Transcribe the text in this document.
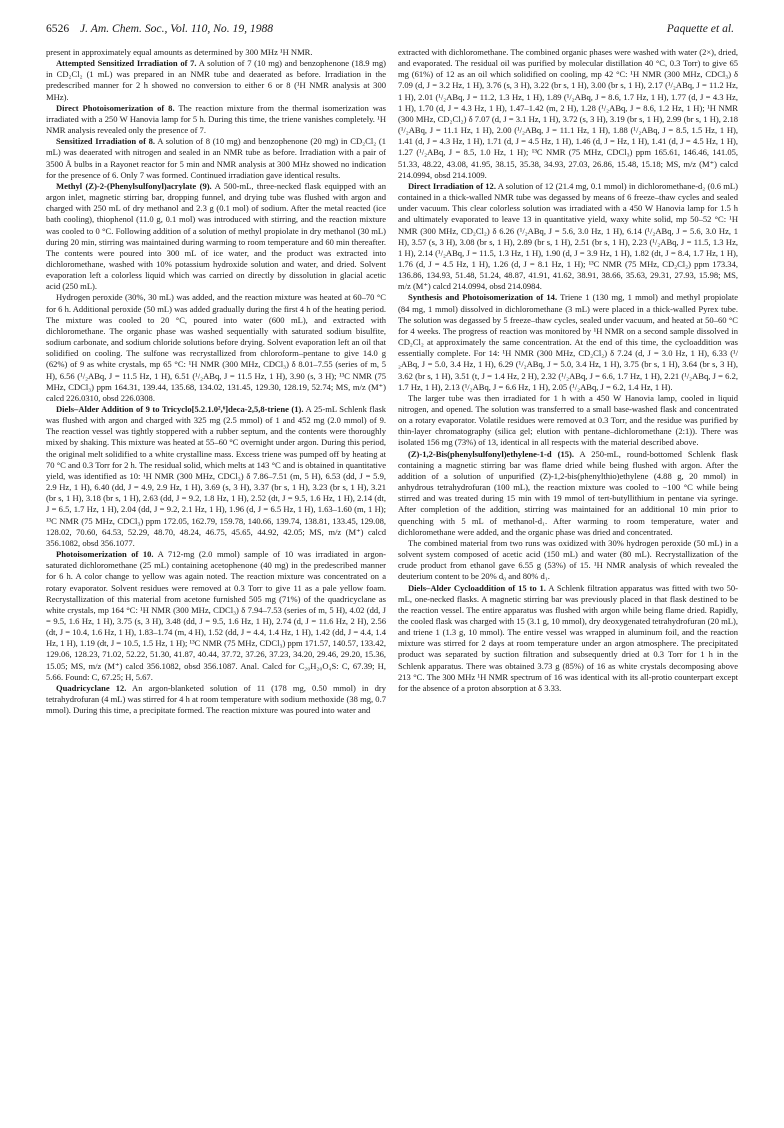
6526 J. Am. Chem. Soc., Vol. 110, No. 19, 1988	Paquette et al.

present in approximately equal amounts as determined by 300 MHz ¹H NMR.

Attempted Sensitized Irradiation of 7. A solution of 7 (10 mg) and benzophenone (18.9 mg) in CD₂Cl₂ (1 mL) was prepared in an NMR tube and deaerated as before. Irradiation in the predescribed manner for 2 h showed no conversion to either 6 or 8 (¹H NMR analysis at 300 MHz).

Direct Photoisomerization of 8. The reaction mixture from the thermal isomerization was irradiated with a 250 W Hanovia lamp for 5 h. During this time, the triene vanishes completely. ¹H NMR analysis revealed only the presence of 7.

Sensitized Irradiation of 8. A solution of 8 (10 mg) and benzophenone (20 mg) in CD₂Cl₂ (1 mL) was deaerated with nitrogen and sealed in an NMR tube as before. Irradiation with a pair of 3500 Å bulbs in a Rayonet reactor for 5 min and NMR analysis at 300 MHz showed no indication for the presence of 6. Only 7 was formed. Continued irradiation gave identical results.

Methyl (Z)-2-(Phenylsulfonyl)acrylate (9). A 500-mL, three-necked flask equipped with an argon inlet, magnetic stirring bar, dropping funnel, and drying tube was flushed with argon and charged with 250 mL of dry methanol and 2.3 g (0.1 mol) of sodium. After the metal reacted (ice bath cooling), thiophenol (11.0 g, 0.1 mol) was introduced with stirring, and the reaction mixture was cooled to 0 °C. Following addition of a solution of methyl propiolate in dry methanol (30 mL) during 20 min, stirring was maintained during warming to room temperature and 60 min thereafter. The contents were poured into 300 mL of ice water, and the product was extracted into dichloromethane, washed with 10% potassium hydroxide solution and water, and dried. Solvent evaporation left a colorless liquid which was carried on directly by dissolution in glacial acetic acid (250 mL).

Hydrogen peroxide (30%, 30 mL) was added, and the reaction mixture was heated at 60–70 °C for 6 h. Additional peroxide (50 mL) was added gradually during the first 4 h of the heating period. The mixture was cooled to 20 °C, poured into water (600 mL), and extracted with dichloromethane. The organic phase was washed sequentially with saturated sodium bisulfite, sodium carbonate, and sodium chloride solutions before drying. Solvent evaporation left an oil that solidified on cooling. The sulfone was recrystallized from chloroform–pentane to give 14.0 g (62%) of 9 as white crystals, mp 65 °C: ¹H NMR (300 MHz, CDCl₃) δ 8.01–7.55 (series of m, 5 H), 6.56 (¹/₂ABq, J = 11.5 Hz, 1 H), 6.51 (¹/₂ABq, J = 11.5 Hz, 1 H), 3.90 (s, 3 H); ¹³C NMR (75 MHz, CDCl₃) ppm 164.31, 139.44, 135.68, 134.02, 131.45, 129.30, 128.19, 52.74; MS, m/z (M⁺) calcd 226.0310, obsd 226.0308.

Diels–Alder Addition of 9 to Tricyclo[5.2.1.0²,⁶]deca-2,5,8-triene (1). A 25-mL Schlenk flask was flushed with argon and charged with 325 mg (2.5 mmol) of 1 and 452 mg (2.0 mmol) of 9. The reaction vessel was tightly stoppered with a rubber septum, and the contents were thoroughly mixed by shaking. This mixture was heated at 55–60 °C overnight under argon. During this period, the original melt solidified to a white crystalline mass. Excess triene was pumped off by heating at 70 °C and 0.3 Torr for 2 h. The residual solid, which melts at 143 °C and is obtained in quantitative yield, was identified as 10: ¹H NMR (300 MHz, CDCl₃) δ 7.86–7.51 (m, 5 H), 6.53 (dd, J = 5.9, 2.9 Hz, 1 H), 6.40 (dd, J = 4.9, 2.9 Hz, 1 H), 3.69 (s, 3 H), 3.37 (br s, 1 H), 3.23 (br s, 1 H), 3.21 (br s, 1 H), 3.18 (br s, 1 H), 2.63 (dd, J = 9.2, 1.8 Hz, 1 H), 2.52 (dt, J = 9.5, 1.6 Hz, 1 H), 2.14 (dt, J = 6.5, 1.7 Hz, 1 H), 2.04 (dd, J = 9.2, 2.1 Hz, 1 H), 1.96 (d, J = 6.5 Hz, 1 H), 1.63–1.60 (m, 1 H); ¹³C NMR (75 MHz, CDCl₃) ppm 172.05, 162.79, 159.78, 140.66, 139.74, 138.81, 133.45, 129.08, 128.02, 70.60, 64.53, 52.29, 48.70, 48.24, 46.75, 45.65, 44.92, 42.05; MS, m/z (M⁺) calcd 356.1082, obsd 356.1077.

Photoisomerization of 10. A 712-mg (2.0 mmol) sample of 10 was irradiated in argon-saturated dichloromethane (25 mL) containing acetophenone (40 mg) in the predescribed manner for 6 h. A color change to yellow was again noted. The reaction mixture was concentrated on a rotary evaporator. Solvent residues were removed at 0.3 Torr to give 11 as a pale yellow foam. Recrystallization of this material from acetone furnished 505 mg (71%) of the quadricyclane as white crystals, mp 164 °C: ¹H NMR (300 MHz, CDCl₃) δ 7.94–7.53 (series of m, 5 H), 4.02 (dd, J = 9.5, 1.6 Hz, 1 H), 3.75 (s, 3 H), 3.48 (dd, J = 9.5, 1.6 Hz, 1 H), 2.74 (d, J = 11.6 Hz, 2 H), 2.56 (dt, J = 10.4, 1.6 Hz, 1 H), 1.83–1.74 (m, 4 H), 1.52 (dd, J = 4.4, 1.4 Hz, 1 H), 1.42 (dd, J = 4.4, 1.4 Hz, 1 H), 1.19 (dt, J = 10.5, 1.5 Hz, 1 H); ¹³C NMR (75 MHz, CDCl₃) ppm 171.57, 140.57, 133.42, 129.06, 128.23, 71.02, 52.22, 51.30, 41.87, 40.44, 37.72, 37.26, 37.23, 34.20, 29.46, 29.20, 15.36, 15.05; MS, m/z (M⁺) calcd 356.1082, obsd 356.1087. Anal. Calcd for C₂₀H₂₀O₄S: C, 67.39; H, 5.66. Found: C, 67.25; H, 5.67.

Quadricyclane 12. An argon-blanketed solution of 11 (178 mg, 0.50 mmol) in dry tetrahydrofuran (4 mL) was stirred for 4 h at room temperature with sodium methoxide (38 mg, 0.7 mmol). During this time, a precipitate formed. The reaction mixture was poured into water and

extracted with dichloromethane. The combined organic phases were washed with water (2×), dried, and evaporated. The residual oil was purified by molecular distillation 40 °C, 0.3 Torr) to give 65 mg (61%) of 12 as an oil which solidified on cooling, mp 42 °C: ¹H NMR (300 MHz, CDCl₃) δ 7.09 (d, J = 3.2 Hz, 1 H), 3.76 (s, 3 H), 3.22 (br s, 1 H), 3.00 (br s, 1 H), 2.17 (¹/₂ABq, J = 11.2 Hz, 1 H), 2.01 (¹/₂ABq, J = 11.2, 1.3 Hz, 1 H), 1.89 (¹/₂ABq, J = 8.6, 1.7 Hz, 1 H), 1.77 (d, J = 4.3 Hz, 1 H), 1.70 (d, J = 4.3 Hz, 1 H), 1.47–1.42 (m, 2 H), 1.28 (¹/₂ABq, J = 8.6, 1.2 Hz, 1 H); ¹H NMR (300 MHz, CD₂Cl₂) δ 7.07 (d, J = 3.1 Hz, 1 H), 3.72 (s, 3 H), 3.19 (br s, 1 H), 2.99 (br s, 1 H), 2.18 (¹/₂ABq, J = 11.1 Hz, 1 H), 2.00 (¹/₂ABq, J = 11.1 Hz, 1 H), 1.88 (¹/₂ABq, J = 8.5, 1.5 Hz, 1 H), 1.41 (d, J = 4.3 Hz, 1 H), 1.71 (d, J = 4.5 Hz, 1 H), 1.46 (d, J = Hz, 1 H), 1.41 (d, J = 4.5 Hz, 1 H), 1.27 (¹/₂ABq, J = 8.5, 1.0 Hz, 1 H); ¹³C NMR (75 MHz, CDCl₃) ppm 165.61, 146.46, 141.05, 51.33, 48.22, 43.08, 41.95, 38.15, 35.38, 34.93, 27.03, 26.86, 15.48, 15.18; MS, m/z (M⁺) calcd 214.0994, obsd 214.1009.

Direct Irradiation of 12. A solution of 12 (21.4 mg, 0.1 mmol) in dichloromethane-d₂ (0.6 mL) contained in a thick-walled NMR tube was degassed by means of 6 freeze–thaw cycles and sealed under vacuum. This clear colorless solution was irradiated with a 450 W Hanovia lamp for 1.5 h and ultimately evaporated to leave 13 in quantitative yield, waxy white solid, mp 50–52 °C: ¹H NMR (300 MHz, CD₂Cl₂) δ 6.26 (¹/₂ABq, J = 5.6, 3.0 Hz, 1 H), 6.14 (¹/₂ABq, J = 5.6, 3.0 Hz, 1 H), 3.57 (s, 3 H), 3.08 (br s, 1 H), 2.89 (br s, 1 H), 2.51 (br s, 1 H), 2.23 (¹/₂ABq, J = 11.5, 1.3 Hz, 1 H), 2.14 (¹/₂ABq, J = 11.5, 1.3 Hz, 1 H), 1.90 (d, J = 3.9 Hz, 1 H), 1.82 (dt, J = 8.4, 1.7 Hz, 1 H), 1.76 (d, J = 4.5 Hz, 1 H), 1.26 (d, J = 8.1 Hz, 1 H); ¹³C NMR (75 MHz, CD₂Cl₂) ppm 173.34, 136.86, 134.93, 51.48, 51.24, 48.87, 41.91, 41.62, 38.91, 38.66, 35.63, 29.31, 27.93, 15.98; MS, m/z (M⁺) calcd 214.0994, obsd 214.0984.

Synthesis and Photoisomerization of 14. Triene 1 (130 mg, 1 mmol) and methyl propiolate (84 mg, 1 mmol) dissolved in dichloromethane (3 mL) were placed in a thick-walled Pyrex tube. The solution was degassed by 5 freeze–thaw cycles, sealed under vacuum, and heated at 50–60 °C for 4 weeks. The progress of reaction was monitored by ¹H NMR on a second sample dissolved in CD₂Cl₂ at approximately the same concentration. At the end of this time, the cycloaddition was essentially complete. For 14: ¹H NMR (300 MHz, CD₂Cl₂) δ 7.24 (d, J = 3.0 Hz, 1 H), 6.33 (¹/₂ABq, J = 5.0, 3.4 Hz, 1 H), 6.29 (¹/₂ABq, J = 5.0, 3.4 Hz, 1 H), 3.75 (br s, 1 H), 3.64 (br s, 3 H), 3.62 (br s, 1 H), 3.51 (t, J = 1.4 Hz, 2 H), 2.32 (¹/₂ABq, J = 6.6, 1.7 Hz, 1 H), 2.21 (¹/₂ABq, J = 6.2, 1.7 Hz, 1 H), 2.13 (¹/₂ABq, J = 6.6 Hz, 1 H), 2.05 (¹/₂ABq, J = 6.2, 1.4 Hz, 1 H).

The larger tube was then irradiated for 1 h with a 450 W Hanovia lamp, cooled in liquid nitrogen, and opened. The solution was transferred to a small base-washed flask and concentrated on a rotary evaporator. Volatile residues were removed at 0.3 Torr, and the residue was purified by thin-layer chromatography (silica gel; elution with pentane–dichloromethane (2:1)). There was isolated 156 mg (73%) of 13, identical in all respects with the material described above.

(Z)-1,2-Bis(phenylsulfonyl)ethylene-1-d (15). A 250-mL, round-bottomed Schlenk flask containing a magnetic stirring bar was flame dried while being flushed with argon. After the addition of a solution of unpurified (Z)-1,2-bis(phenylthio)ethylene (4.88 g, 20 mmol) in anhydrous tetrahydrofuran (100 mL), the reaction mixture was cooled to −100 °C while being stirred and was treated during 15 min with 19 mmol of tert-butyllithium in pentane via syringe. After completion of the addition, stirring was maintained for an additional 10 min prior to quenching with 5 mL of methanol-d₁. After warming to room temperature, water and dichloromethane were added, and the organic phase was dried and concentrated.

The combined material from two runs was oxidized with 30% hydrogen peroxide (50 mL) in a solvent system composed of acetic acid (150 mL) and water (80 mL). Recrystallization of the crude product from ethanol gave 6.55 g (53%) of 15. ¹H NMR analysis of which revealed the deuterium content to be 20% d₀ and 80% d₁.

Diels–Alder Cycloaddition of 15 to 1. A Schlenk filtration apparatus was fitted with two 50-mL, one-necked flasks. A magnetic stirring bar was previously placed in that flask destined to be the reaction vessel. The entire apparatus was flushed with argon while being flame dried. Rapidly, the cooled flask was charged with 15 (3.1 g, 10 mmol), dry deoxygenated tetrahydrofuran (20 mL), and triene 1 (1.3 g, 10 mmol). The entire vessel was wrapped in aluminum foil, and the reaction mixture was stirred for 2 days at room temperature under an argon atmosphere. The precipitated product was separated by suction filtration and subsequently dried at 0.3 Torr for 1 h in the Schlenk apparatus. There was obtained 3.73 g (85%) of 16 as white crystals decomposing above 213 °C. The 300 MHz ¹H NMR spectrum of 16 was identical with its all-protio counterpart except for the absence of a proton absorption at δ 3.33.
